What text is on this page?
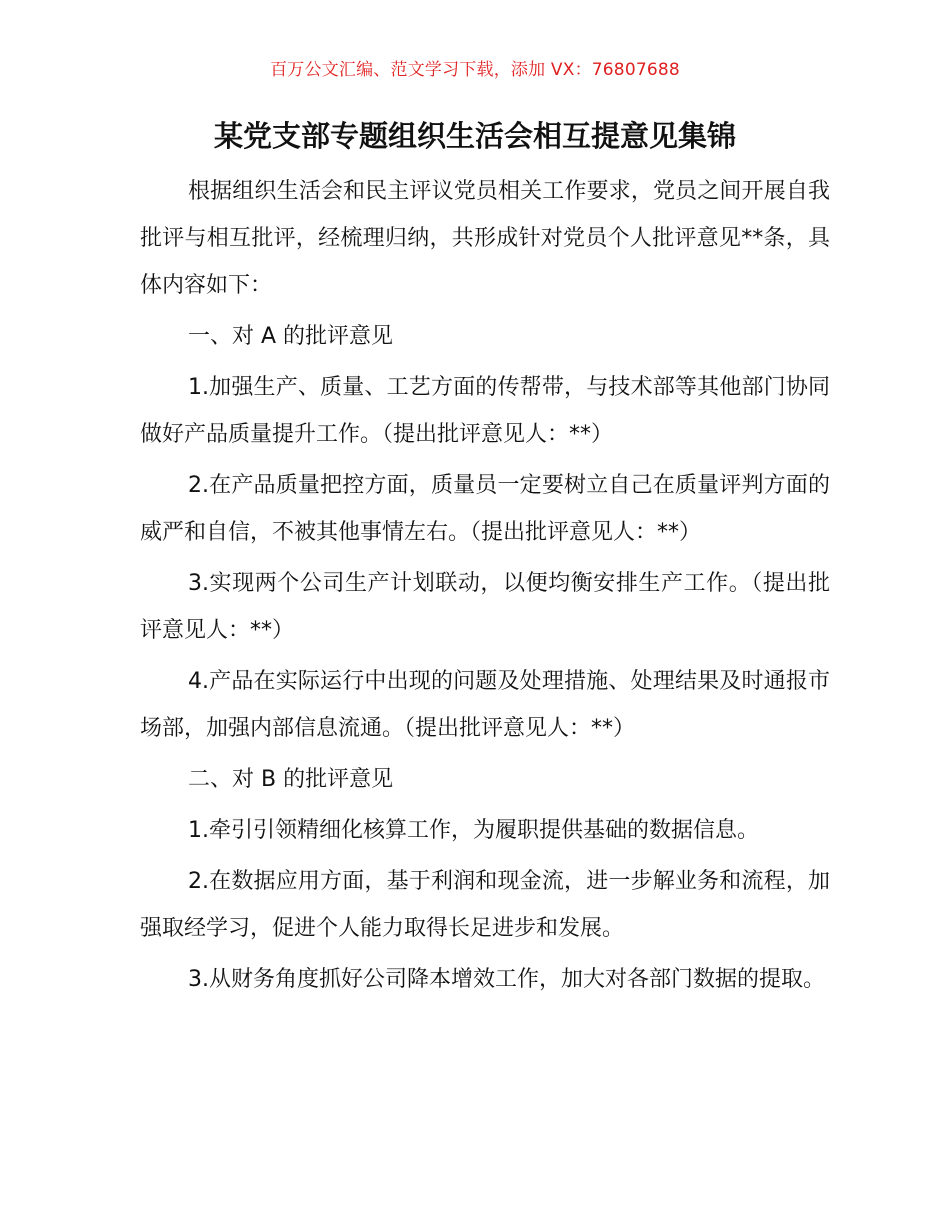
百万公文汇编、范文学习下载，添加 VX：76807688
某党支部专题组织生活会相互提意见集锦

根据组织生活会和民主评议党员相关工作要求，党员之间开展自我批评与相互批评，经梳理归纳，共形成针对党员个人批评意见**条，具体内容如下：

一、对 A 的批评意见

1.加强生产、质量、工艺方面的传帮带，与技术部等其他部门协同做好产品质量提升工作。（提出批评意见人：**）

2.在产品质量把控方面，质量员一定要树立自己在质量评判方面的威严和自信，不被其他事情左右。（提出批评意见人：**）

3.实现两个公司生产计划联动，以便均衡安排生产工作。（提出批评意见人：**）

4.产品在实际运行中出现的问题及处理措施、处理结果及时通报市场部，加强内部信息流通。（提出批评意见人：**）

二、对 B 的批评意见

1.牵引引领精细化核算工作，为履职提供基础的数据信息。

2.在数据应用方面，基于利润和现金流，进一步解业务和流程，加强取经学习，促进个人能力取得长足进步和发展。

3.从财务角度抓好公司降本增效工作，加大对各部门数据的提取。
